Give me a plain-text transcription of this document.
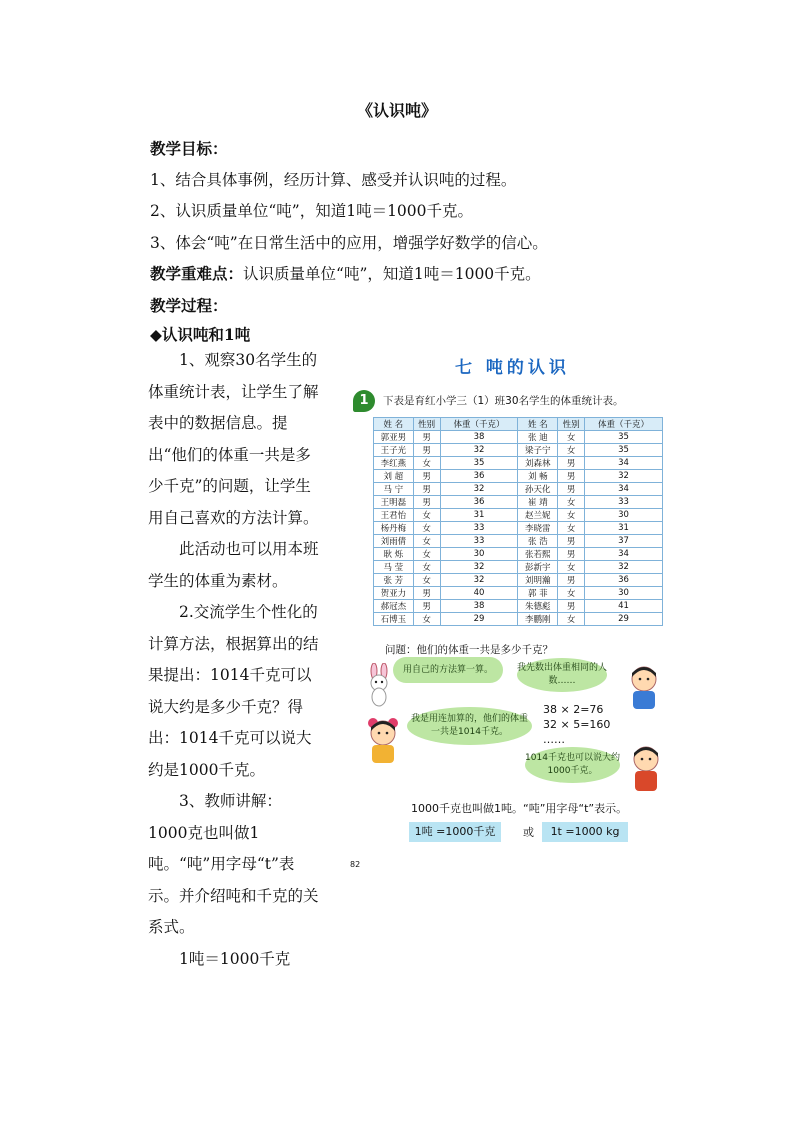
《认识吨》
教学目标：
1、结合具体事例，经历计算、感受并认识吨的过程。
2、认识质量单位“吨”，知道1吨＝1000千克。
3、体会“吨”在日常生活中的应用，增强学好数学的信心。
教学重难点：认识质量单位“吨”，知道1吨＝1000千克。
教学过程：
◆认识吨和1吨

1、观察30名学生的体重统计表，让学生了解表中的数据信息。提出“他们的体重一共是多少千克”的问题，让学生用自己喜欢的方法计算。

此活动也可以用本班学生的体重为素材。

2.交流学生个性化的计算方法，根据算出的结果提出：1014千克可以说大约是多少千克？得出：1014千克可以说大约是1000千克。

3、教师讲解：1000克也叫做1吨。“吨”用字母“t”表示。并介绍吨和千克的关系式。

1吨＝1000千克

七 吨的认识
1	下表是育红小学三（1）班30名学生的体重统计表。
姓 名	性别	体重（千克）	姓 名	性别	体重（千克）
郭亚男	男	38	张 迪	女	35
王子光	男	32	梁子宁	女	35
李红燕	女	35	刘森林	男	34
刘 超	男	36	刘 畅	男	32
马 宁	男	32	孙天化	男	34
王明磊	男	36	崔 靖	女	33
王君怡	女	31	赵兰妮	女	30
杨丹梅	女	33	李晓雷	女	31
刘雨倩	女	33	张 浩	男	37
耿 烁	女	30	张若熙	男	34
马 莹	女	32	彭新宇	女	32
张 芳	女	32	刘明瀚	男	36
贺亚力	男	40	郭 菲	女	30
郝冠杰	男	38	朱德彪	男	41
石博玉	女	29	李鹏刚	女	29
问题：他们的体重一共是多少千克？
用自己的方法算一算。	我先数出体重相同的人数……
38 × 2=76
32 × 5=160
……
我是用连加算的，他们的体重一共是1014千克。
1014千克也可以说大约1000千克。
1000千克也叫做1吨。“吨”用字母“t”表示。
1吨 =1000千克	或	1t =1000 kg
82
